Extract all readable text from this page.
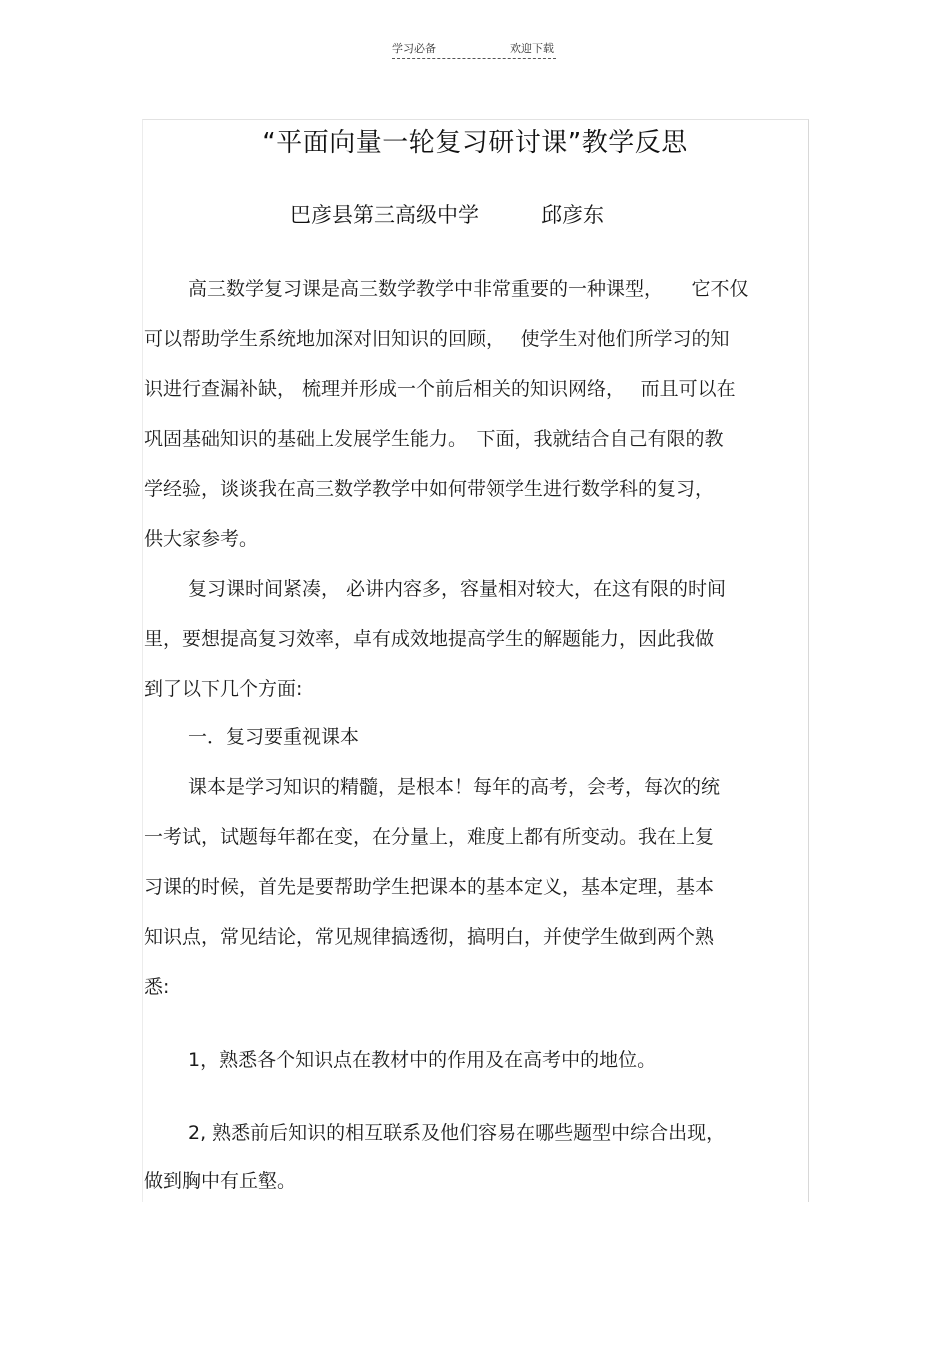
学习必备	欢迎下载
“平面向量一轮复习研讨课”教学反思
巴彦县第三高级中学	邱彦东
高三数学复习课是高三数学教学中非常重要的一种课型，　　它不仅
可以帮助学生系统地加深对旧知识的回顾，　 使学生对他们所学习的知
识进行查漏补缺， 梳理并形成一个前后相关的知识网络，　 而且可以在
巩固基础知识的基础上发展学生能力。　下面，我就结合自己有限的教
学经验，谈谈我在高三数学教学中如何带领学生进行数学科的复习，
供大家参考。
复习课时间紧凑， 必讲内容多，容量相对较大，在这有限的时间
里，要想提高复习效率，卓有成效地提高学生的解题能力，因此我做
到了以下几个方面:
一．复习要重视课本
课本是学习知识的精髓，是根本！每年的高考，会考，每次的统
一考试，试题每年都在变，在分量上，难度上都有所变动。我在上复
习课的时候，首先是要帮助学生把课本的基本定义，基本定理，基本
知识点，常见结论，常见规律搞透彻，搞明白，并使学生做到两个熟
悉:
1，熟悉各个知识点在教材中的作用及在高考中的地位。
2, 熟悉前后知识的相互联系及他们容易在哪些题型中综合出现，
做到胸中有丘壑。
